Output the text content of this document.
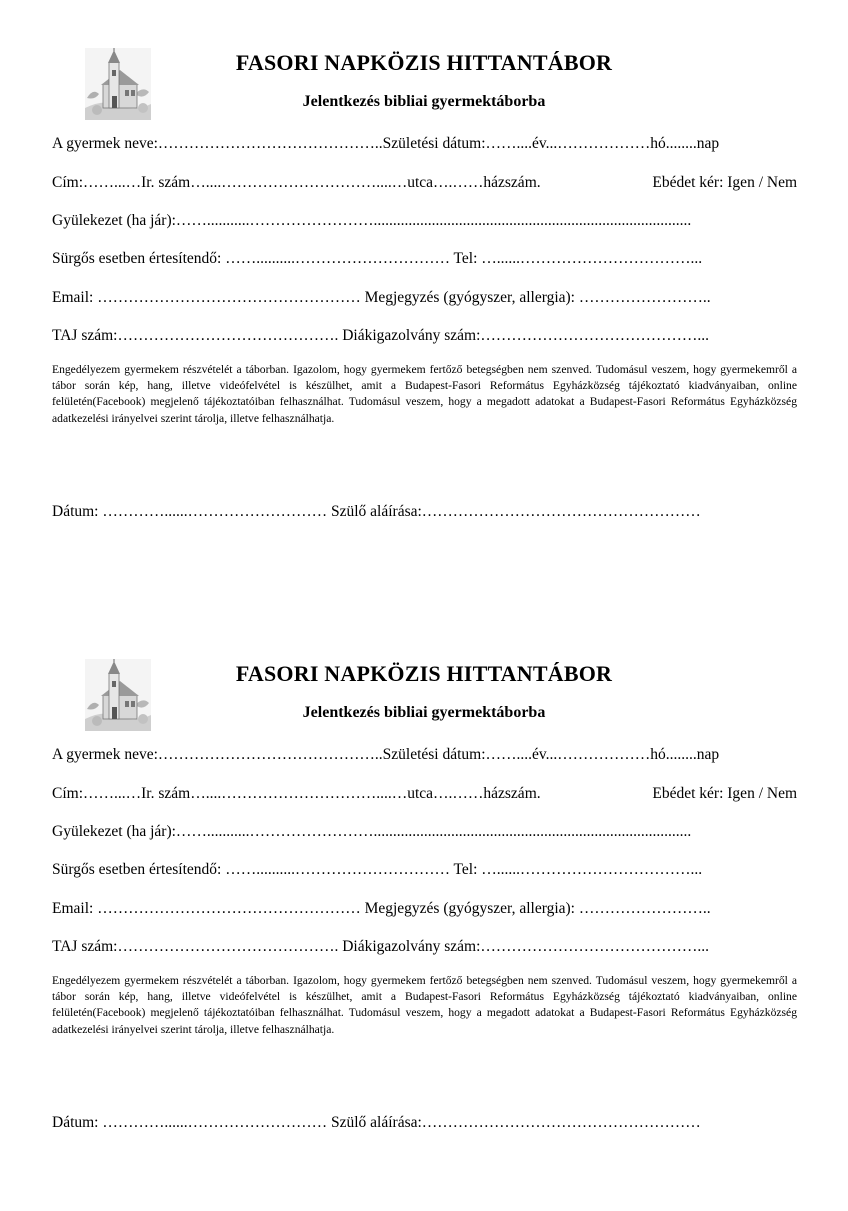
FASORI NAPKÖZIS HITTANTÁBOR
Jelentkezés bibliai gyermektáborba
A gyermek neve:……………………………………..Születési dátum:……....év...………………hó........nap
Cím:……...…Ir. szám…....…………………………....…utca….……házszám.	Ebédet kér: Igen / Nem
Gyülekezet (ha jár):……...........……………………..................................................................................
Sürgős esetben értesítendő: ……..........………………………… Tel: …......……………………………...
Email: …………………………………………… Megjegyzés (gyógyszer, allergia): ……………………..
TAJ szám:……………………………………. Diákigazolvány szám:……………………………………...
Engedélyezem gyermekem részvételét a táborban. Igazolom, hogy gyermekem fertőző betegségben nem szenved. Tudomásul veszem, hogy gyermekemről a tábor során kép, hang, illetve videófelvétel is készülhet, amit a Budapest-Fasori Református Egyházközség tájékoztató kiadványaiban, online felületén(Facebook) megjelenő tájékoztatóiban felhasználhat. Tudomásul veszem, hogy a megadott adatokat a Budapest-Fasori Református Egyházközség adatkezelési irányelvei szerint tárolja, illetve felhasználhatja.
Dátum: …………......……………………… Szülő aláírása:………………………………………………
FASORI NAPKÖZIS HITTANTÁBOR
Jelentkezés bibliai gyermektáborba
A gyermek neve:……………………………………..Születési dátum:……....év...………………hó........nap
Cím:……...…Ir. szám…....…………………………....…utca….……házszám.	Ebédet kér: Igen / Nem
Gyülekezet (ha jár):……...........……………………..................................................................................
Sürgős esetben értesítendő: ……..........………………………… Tel: …......……………………………...
Email: …………………………………………… Megjegyzés (gyógyszer, allergia): ……………………..
TAJ szám:……………………………………. Diákigazolvány szám:……………………………………...
Engedélyezem gyermekem részvételét a táborban. Igazolom, hogy gyermekem fertőző betegségben nem szenved. Tudomásul veszem, hogy gyermekemről a tábor során kép, hang, illetve videófelvétel is készülhet, amit a Budapest-Fasori Református Egyházközség tájékoztató kiadványaiban, online felületén(Facebook) megjelenő tájékoztatóiban felhasználhat. Tudomásul veszem, hogy a megadott adatokat a Budapest-Fasori Református Egyházközség adatkezelési irányelvei szerint tárolja, illetve felhasználhatja.
Dátum: …………......……………………… Szülő aláírása:………………………………………………
